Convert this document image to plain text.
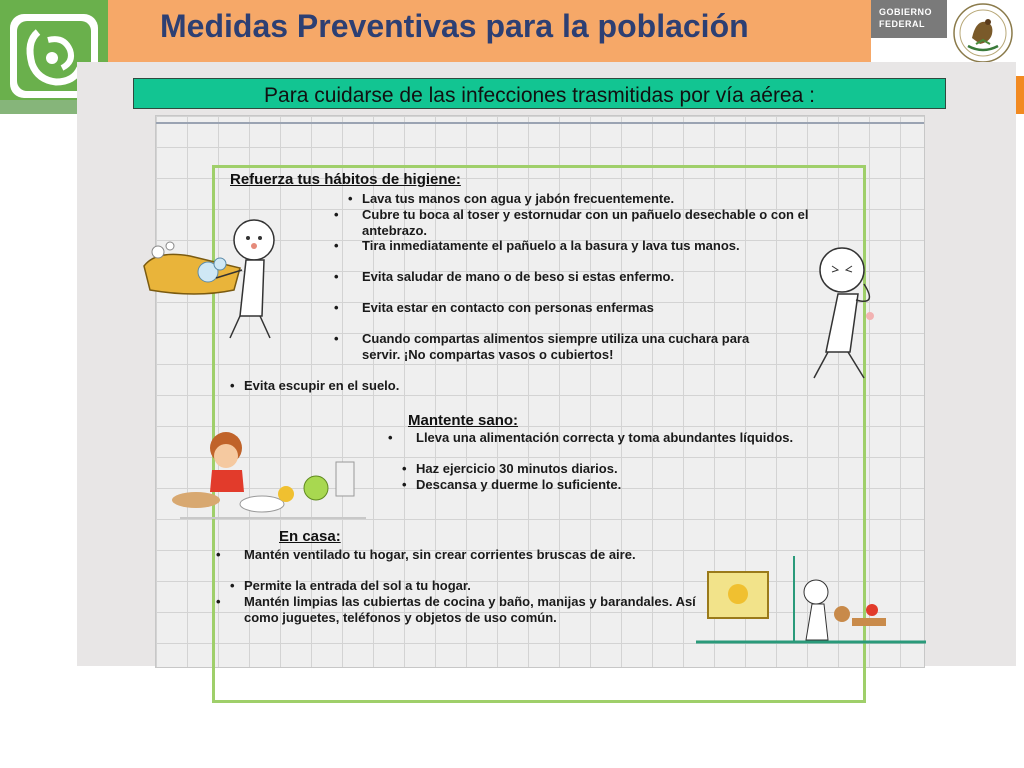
Medidas Preventivas para la población	GOBIERNO
FEDERAL
Para cuidarse de las infecciones trasmitidas por vía aérea :
Refuerza tus hábitos de higiene:
• Lava tus manos con agua y jabón frecuentemente.
• Cubre tu boca al toser y estornudar con un pañuelo desechable o con el antebrazo.
• Tira inmediatamente el pañuelo a la basura y lava tus manos.
• Evita saludar de mano o de beso si estas enfermo.
• Evita estar en contacto con personas enfermas
• Cuando compartas alimentos siempre utiliza una cuchara para servir. ¡No compartas vasos o cubiertos!
• Evita escupir en el suelo.
Mantente sano:
• Lleva una alimentación correcta y toma abundantes líquidos.
• Haz ejercicio 30 minutos diarios.
• Descansa y duerme lo suficiente.
En casa:
• Mantén ventilado tu hogar, sin crear corrientes bruscas de aire.
• Permite la entrada del sol a tu hogar.
• Mantén limpias las cubiertas de cocina y baño, manijas y barandales. Así como juguetes, teléfonos y objetos de uso común.
